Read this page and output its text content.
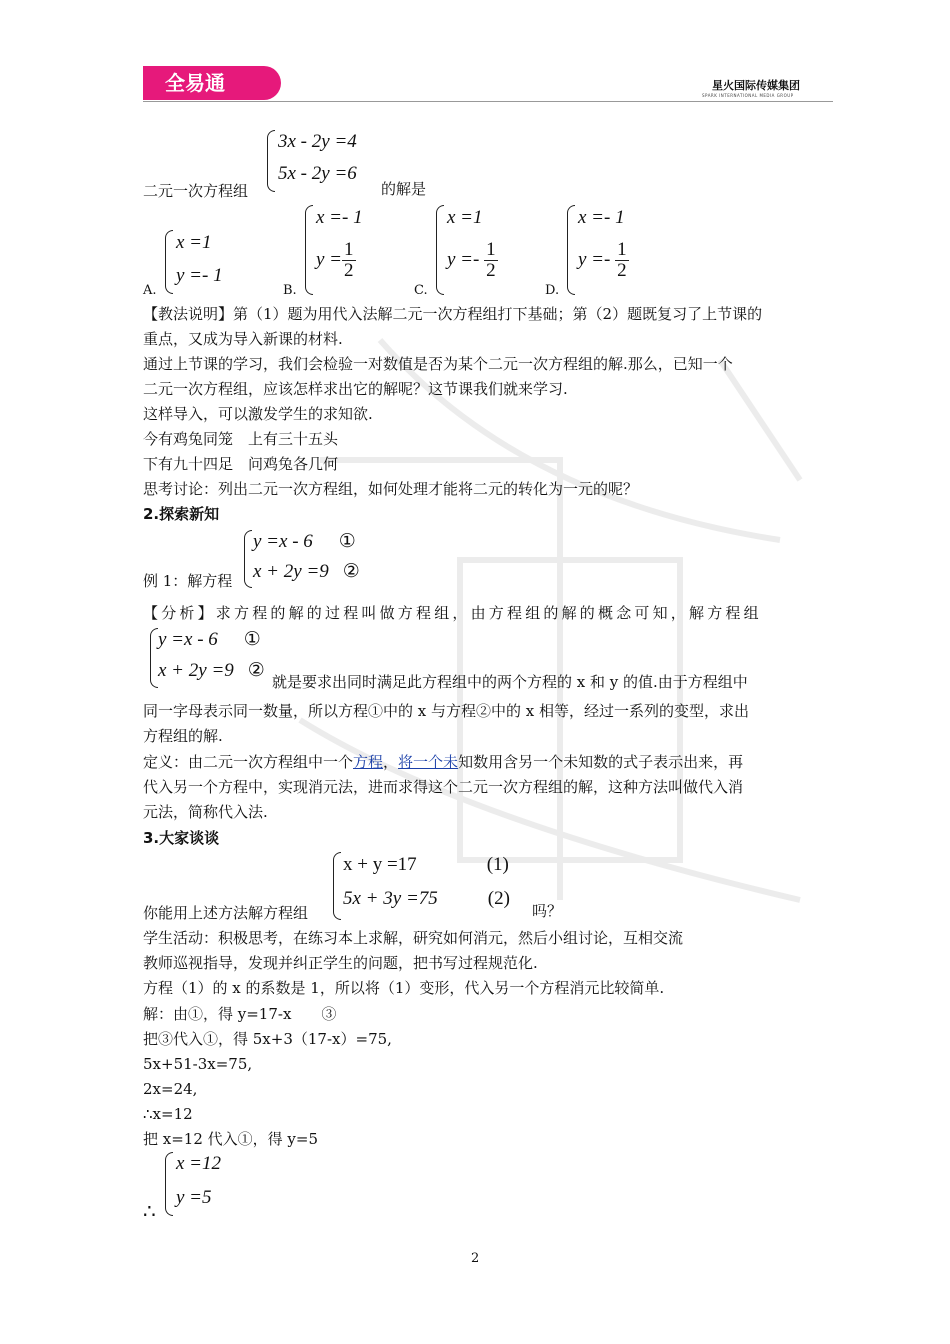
全易通	星火国际传媒集团
SPARK INTERNATIONAL MEDIA GROUP
3x - 2y =4
5x - 2y =6
二元一次方程组	的解是
A.
x =1
y =- 1
B.
x =- 1
$y = \frac{1}{2}$
C.
x =1
$y =- \frac{1}{2}$
D.
x =- 1
$y =- \frac{1}{2}$
【教法说明】第（1）题为用代入法解二元一次方程组打下基础；第（2）题既复习了上节课的
重点，又成为导入新课的材料.
通过上节课的学习，我们会检验一对数值是否为某个二元一次方程组的解.那么，已知一个
二元一次方程组，应该怎样求出它的解呢？这节课我们就来学习.
这样导入，可以激发学生的求知欲.
今有鸡兔同笼　上有三十五头
下有九十四足　问鸡兔各几何
思考讨论：列出二元一次方程组，如何处理才能将二元的转化为一元的呢？
2.探索新知
y =x - 6 ①
x + 2y =9 ②
例 1：解方程
【分析】求方程的解的过程叫做方程组，由方程组的解的概念可知，解方程组
y =x - 6 ①
x + 2y =9 ②
就是要求出同时满足此方程组中的两个方程的 x 和 y 的值.由于方程组中
同一字母表示同一数量，所以方程①中的 x 与方程②中的 x 相等，经过一系列的变型，求出
方程组的解.
定义：由二元一次方程组中一个方程，将一个未知数用含另一个未知数的式子表示出来，再
代入另一个方程中，实现消元法，进而求得这个二元一次方程组的解，这种方法叫做代入消
元法，简称代入法.
3.大家谈谈
x + y =17	(1)
5x + 3y =75	(2)
你能用上述方法解方程组	吗？
学生活动：积极思考，在练习本上求解，研究如何消元，然后小组讨论，互相交流
教师巡视指导，发现并纠正学生的问题，把书写过程规范化.
方程（1）的 x 的系数是 1，所以将（1）变形，代入另一个方程消元比较简单.
解：由①，得 y=17-x　　③
把③代入①，得 5x+3（17-x）=75,
5x+51-3x=75,
2x=24,
∴x=12
把 x=12 代入①，得 y=5
x =12
y =5
∴
2
